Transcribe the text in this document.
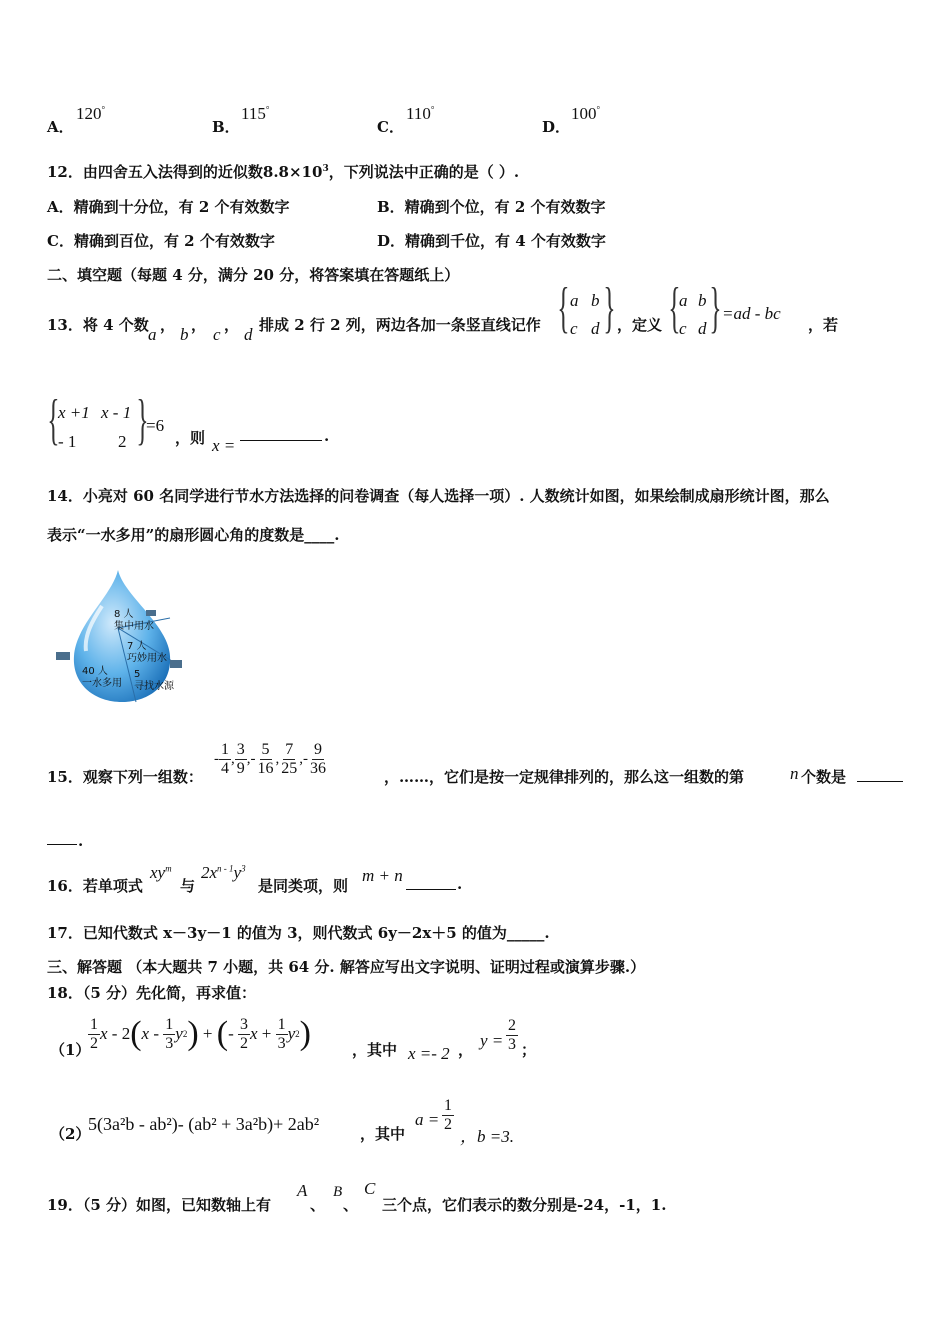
A．
120°
B．
115°
C．
110°
D．
100°
12．由四舍五入法得到的近似数$8.8\times 10^3$，下列说法中正确的是（ ）.
A．精确到十分位，有 2 个有效数字	B．精确到个位，有 2 个有效数字
C．精确到百位，有 2 个有效数字	D．精确到千位，有 4 个有效数字
二、填空题（每题 4 分，满分 20 分，将答案填在答题纸上）
13．将 4 个数 a ， b ， c ， d 排成 2 行 2 列，两边各加一条竖直线记作 { a b
c d } ，定义 {
a b
c d } =ad - bc
，若
{
x +1 x - 1
- 1 2 }
=6
，则 x =	.
14．小亮对 60 名同学进行节水方法选择的问卷调查（每人选择一项）. 人数统计如图，如果绘制成扇形统计图，那么
表示“一水多用”的扇形圆心角的度数是____.
8 人
集中用水
7 人
巧妙用水
40 人
一水多用
5
寻找水源
15．观察下列一组数：
- $\frac{1}{4}$ , $\frac{3}{9}$ ,- $\frac{5}{16}$ , $\frac{7}{25}$ ,- $\frac{9}{36}$	，……，它们是按一定规律排列的，那么这一组数的第	n 个数是
.
16．若单项式
$xy^m$
与
$2x^{n - 1}y^3$
是同类项，则
m + n	.
17．已知代数式 x－3y－1 的值为 3，则代数式 6y－2x＋5 的值为_____.
三、解答题 （本大题共 7 小题，共 64 分. 解答应写出文字说明、证明过程或演算步骤.）
18．（5 分）先化简，再求值：
（1）
$\frac{1}{2}$ x - 2 ( x - $\frac{1}{3}$ y 2 ) + ( - $\frac{3}{2}$ $x + \frac{1}{3}$ y 2 )	，其中 x =- 2 ， $y = \frac{2}{3}$ ；
（2）
5(3a²b - ab²)- (ab² + 3a²b)+ 2ab²	，其中
$a = \frac{1}{2}$
，b =3.
19．（5 分）如图，已知数轴上有
A
、
B
、
C
三个点，它们表示的数分别是-24，-1，1.
